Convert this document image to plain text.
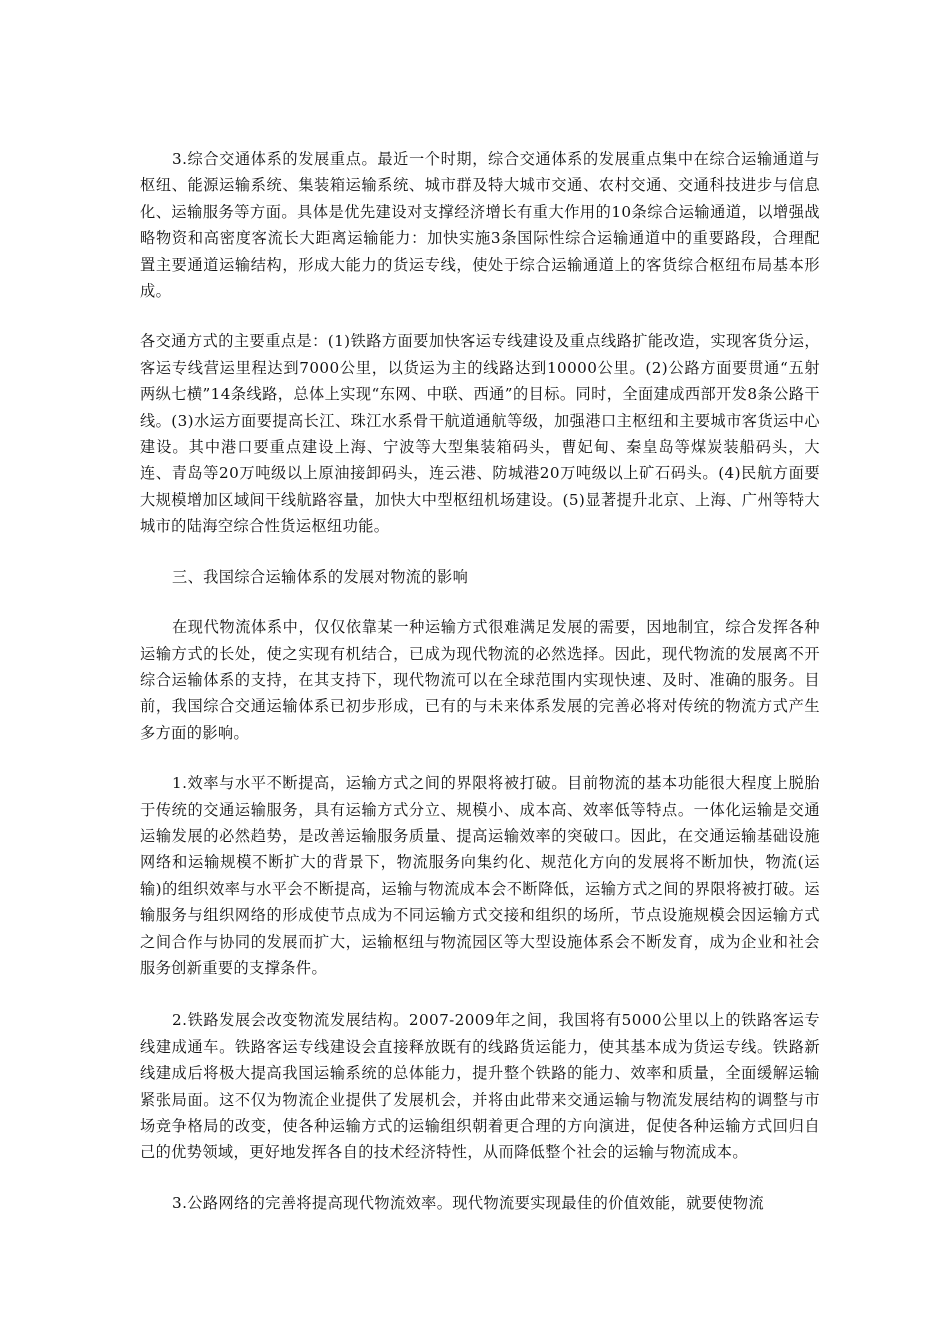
3.综合交通体系的发展重点。最近一个时期，综合交通体系的发展重点集中在综合运输通道与枢纽、能源运输系统、集装箱运输系统、城市群及特大城市交通、农村交通、交通科技进步与信息化、运输服务等方面。具体是优先建设对支撑经济增长有重大作用的10条综合运输通道，以增强战略物资和高密度客流长大距离运输能力：加快实施3条国际性综合运输通道中的重要路段，合理配置主要通道运输结构，形成大能力的货运专线，使处于综合运输通道上的客货综合枢纽布局基本形成。

各交通方式的主要重点是：(1)铁路方面要加快客运专线建设及重点线路扩能改造，实现客货分运，客运专线营运里程达到7000公里，以货运为主的线路达到10000公里。(2)公路方面要贯通“五射两纵七横”14条线路，总体上实现“东网、中联、西通”的目标。同时，全面建成西部开发8条公路干线。(3)水运方面要提高长江、珠江水系骨干航道通航等级，加强港口主枢纽和主要城市客货运中心建设。其中港口要重点建设上海、宁波等大型集装箱码头，曹妃甸、秦皇岛等煤炭装船码头，大连、青岛等20万吨级以上原油接卸码头，连云港、防城港20万吨级以上矿石码头。(4)民航方面要大规模增加区域间干线航路容量，加快大中型枢纽机场建设。(5)显著提升北京、上海、广州等特大城市的陆海空综合性货运枢纽功能。

三、我国综合运输体系的发展对物流的影响

在现代物流体系中，仅仅依靠某一种运输方式很难满足发展的需要，因地制宜，综合发挥各种运输方式的长处，使之实现有机结合，已成为现代物流的必然选择。因此，现代物流的发展离不开综合运输体系的支持，在其支持下，现代物流可以在全球范围内实现快速、及时、准确的服务。目前，我国综合交通运输体系已初步形成，已有的与未来体系发展的完善必将对传统的物流方式产生多方面的影响。

1.效率与水平不断提高，运输方式之间的界限将被打破。目前物流的基本功能很大程度上脱胎于传统的交通运输服务，具有运输方式分立、规模小、成本高、效率低等特点。一体化运输是交通运输发展的必然趋势，是改善运输服务质量、提高运输效率的突破口。因此，在交通运输基础设施网络和运输规模不断扩大的背景下，物流服务向集约化、规范化方向的发展将不断加快，物流(运输)的组织效率与水平会不断提高，运输与物流成本会不断降低，运输方式之间的界限将被打破。运输服务与组织网络的形成使节点成为不同运输方式交接和组织的场所，节点设施规模会因运输方式之间合作与协同的发展而扩大，运输枢纽与物流园区等大型设施体系会不断发育，成为企业和社会服务创新重要的支撑条件。

2.铁路发展会改变物流发展结构。2007-2009年之间，我国将有5000公里以上的铁路客运专线建成通车。铁路客运专线建设会直接释放既有的线路货运能力，使其基本成为货运专线。铁路新线建成后将极大提高我国运输系统的总体能力，提升整个铁路的能力、效率和质量，全面缓解运输紧张局面。这不仅为物流企业提供了发展机会，并将由此带来交通运输与物流发展结构的调整与市场竞争格局的改变，使各种运输方式的运输组织朝着更合理的方向演进，促使各种运输方式回归自己的优势领域，更好地发挥各自的技术经济特性，从而降低整个社会的运输与物流成本。

3.公路网络的完善将提高现代物流效率。现代物流要实现最佳的价值效能，就要使物流
